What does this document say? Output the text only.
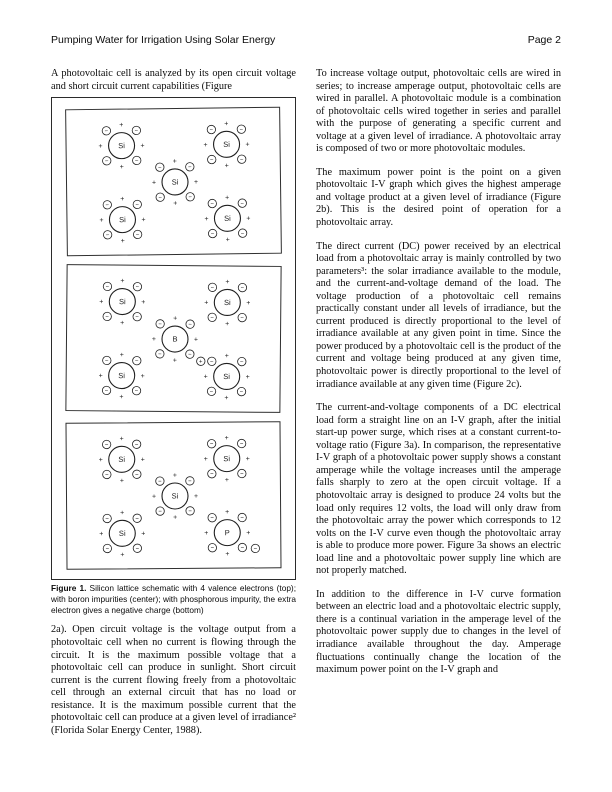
Pumping Water for Irrigation Using Solar Energy	Page 2

A photovoltaic cell is analyzed by its open circuit voltage and short circuit current capabilities (Figure

+
+
+
+
−
−
−
−
Si
+
+
+
+
−
−
−
−
Si
+
+
+
+
−
−
−
−
Si
+
+
+
+
−
−
−
−
Si
+
+
+
+
−
−
−
−
Si
+
+
+
+
−
−
−
−
Si
+
+
+
+
−
−
−
−
Si
+
+
+
+
−
−
−
−
B
+
+
+
+
−
−
−
−
Si
+
+
+
+
−
−
−
−
Si
+
+
+
+
+
−
−
−
−
Si
+
+
+
+
−
−
−
−
Si
+
+
+
+
−
−
−
−
Si
+
+
+
+
−
−
−
−
Si
+
+
+
+
−
−
−
−
P
−

Figure 1. Silicon lattice schematic with 4 valence electrons (top); with boron impurities (center); with phosphorous impurity, the extra electron gives a negative charge (bottom)

2a). Open circuit voltage is the voltage output from a photovoltaic cell when no current is flowing through the circuit. It is the maximum possible voltage that a photovoltaic cell can produce in sunlight. Short circuit current is the current flowing freely from a photovoltaic cell through an external circuit that has no load or resistance. It is the maximum possible current that the photovoltaic cell can produce at a given level of irradiance² (Florida Solar Energy Center, 1988).

To increase voltage output, photovoltaic cells are wired in series; to increase amperage output, photovoltaic cells are wired in parallel. A photovoltaic module is a combination of photovoltaic cells wired together in series and parallel with the purpose of generating a specific current and voltage at a given level of irradiance. A photovoltaic array is composed of two or more photovoltaic modules.

The maximum power point is the point on a given photovoltaic I-V graph which gives the highest amperage and voltage product at a given level of irradiance (Figure 2b). This is the desired point of operation for a photovoltaic array.

The direct current (DC) power received by an electrical load from a photovoltaic array is mainly controlled by two parameters³: the solar irradiance available to the module, and the current-and-voltage demand of the load. The voltage production of a photovoltaic cell remains practically constant under all levels of irradiance, but the current produced is directly proportional to the level of irradiance available at any given point in time. Since the power produced by a photovoltaic cell is the product of the current and voltage being produced at any given time, photovoltaic power is directly proportional to the level of irradiance available at any given time (Figure 2c).

The current-and-voltage components of a DC electrical load form a straight line on an I-V graph, after the initial start-up power surge, which rises at a constant current-to-voltage ratio (Figure 3a). In comparison, the representative I-V graph of a photovoltaic power supply shows a constant amperage while the voltage increases until the amperage falls sharply to zero at the open circuit voltage. If a photovoltaic array is designed to produce 24 volts but the load only requires 12 volts, the load will only draw from the photovoltaic array the power which corresponds to 12 volts on the I-V curve even though the photovoltaic array is able to produce more power. Figure 3a shows an electric load line and a photovoltaic power supply line which are not properly matched.

In addition to the difference in I-V curve formation between an electric load and a photovoltaic electric supply, there is a continual variation in the amperage level of the photovoltaic power supply due to changes in the level of irradiance available throughout the day. Amperage fluctuations continually change the location of the maximum power point on the I-V graph and
